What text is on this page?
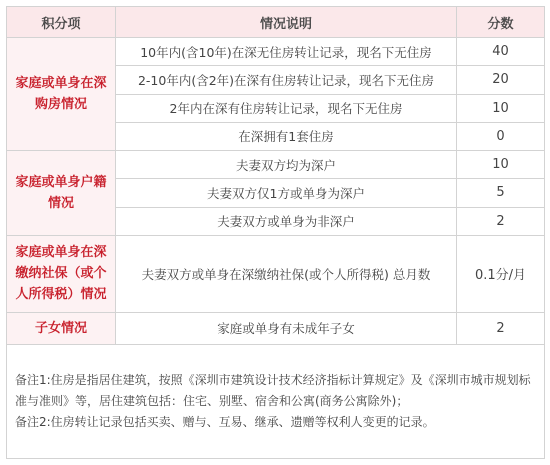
积分项	情况说明	分数
家庭或单身在深购房情况	10年内(含10年)在深无住房转让记录，现名下无住房	40
	2-10年内(含2年)在深有住房转让记录，现名下无住房	20
	2年内在深有住房转让记录，现名下无住房	10
	在深拥有1套住房	0
家庭或单身户籍情况	夫妻双方均为深户	10
	夫妻双方仅1方或单身为深户	5
	夫妻双方或单身为非深户	2
家庭或单身在深缴纳社保（或个人所得税）情况	夫妻双方或单身在深缴纳社保(或个人所得税) 总月数	0.1分/月
子女情况	家庭或单身有未成年子女	2

备注1:住房是指居住建筑，按照《深圳市建筑设计技术经济指标计算规定》及《深圳市城市规划标准与准则》等，居住建筑包括：住宅、别墅、宿舍和公寓(商务公寓除外)；
备注2:住房转让记录包括买卖、赠与、互易、继承、遗赠等权利人变更的记录。		
